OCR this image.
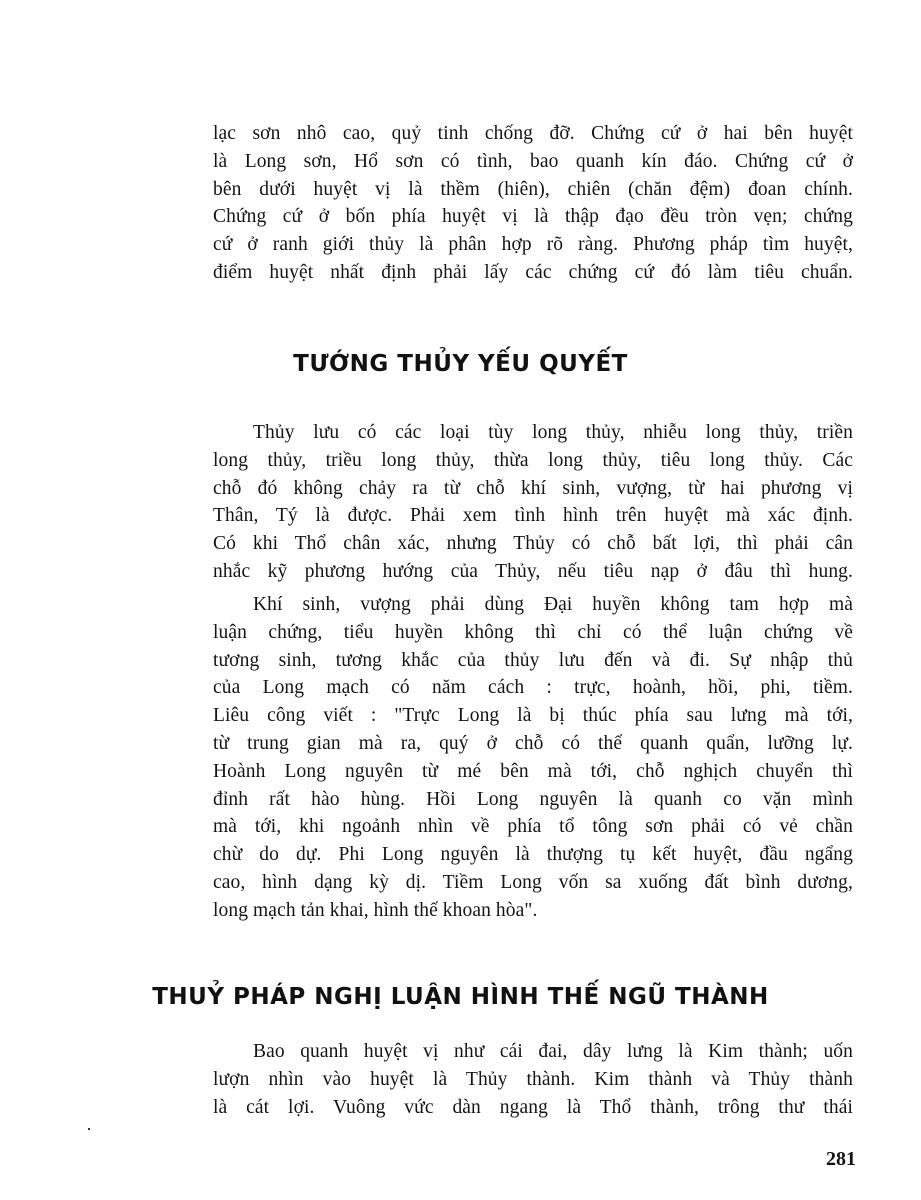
lạc sơn nhô cao, quỷ tinh chống đỡ. Chứng cứ ở hai bên huyệt
là Long sơn, Hổ sơn có tình, bao quanh kín đáo. Chứng cứ ở
bên dưới huyệt vị là thềm (hiên), chiên (chăn đệm) đoan chính.
Chứng cứ ở bốn phía huyệt vị là thập đạo đều tròn vẹn; chứng
cứ ở ranh giới thủy là phân hợp rõ ràng. Phương pháp tìm huyệt,
điểm huyệt nhất định phải lấy các chứng cứ đó làm tiêu chuẩn.
TƯỚNG THỦY YẾU QUYẾT
Thủy lưu có các loại tùy long thủy, nhiễu long thủy, triền
long thủy, triều long thủy, thừa long thủy, tiêu long thủy. Các
chỗ đó không chảy ra từ chỗ khí sinh, vượng, từ hai phương vị
Thân, Tý là được. Phải xem tình hình trên huyệt mà xác định.
Có khi Thổ chân xác, nhưng Thủy có chỗ bất lợi, thì phải cân
nhắc kỹ phương hướng của Thủy, nếu tiêu nạp ở đâu thì hung.
Khí sinh, vượng phải dùng Đại huyền không tam hợp mà
luận chứng, tiểu huyền không thì chỉ có thể luận chứng về
tương sinh, tương khắc của thủy lưu đến và đi. Sự nhập thủ
của Long mạch có năm cách : trực, hoành, hồi, phi, tiềm.
Liêu công viết : "Trực Long là bị thúc phía sau lưng mà tới,
từ trung gian mà ra, quý ở chỗ có thế quanh quẩn, lưỡng lự.
Hoành Long nguyên từ mé bên mà tới, chỗ nghịch chuyển thì
đỉnh rất hào hùng. Hồi Long nguyên là quanh co vặn mình
mà tới, khi ngoảnh nhìn về phía tổ tông sơn phải có vẻ chần
chừ do dự. Phi Long nguyên là thượng tụ kết huyệt, đầu ngẩng
cao, hình dạng kỳ dị. Tiềm Long vốn sa xuống đất bình dương,
long mạch tản khai, hình thế khoan hòa".
THUỶ PHÁP NGHỊ LUẬN HÌNH THẾ NGŨ THÀNH
Bao quanh huyệt vị như cái đai, dây lưng là Kim thành; uốn
lượn nhìn vào huyệt là Thủy thành. Kim thành và Thủy thành
là cát lợi. Vuông vức dàn ngang là Thổ thành, trông thư thái
281
